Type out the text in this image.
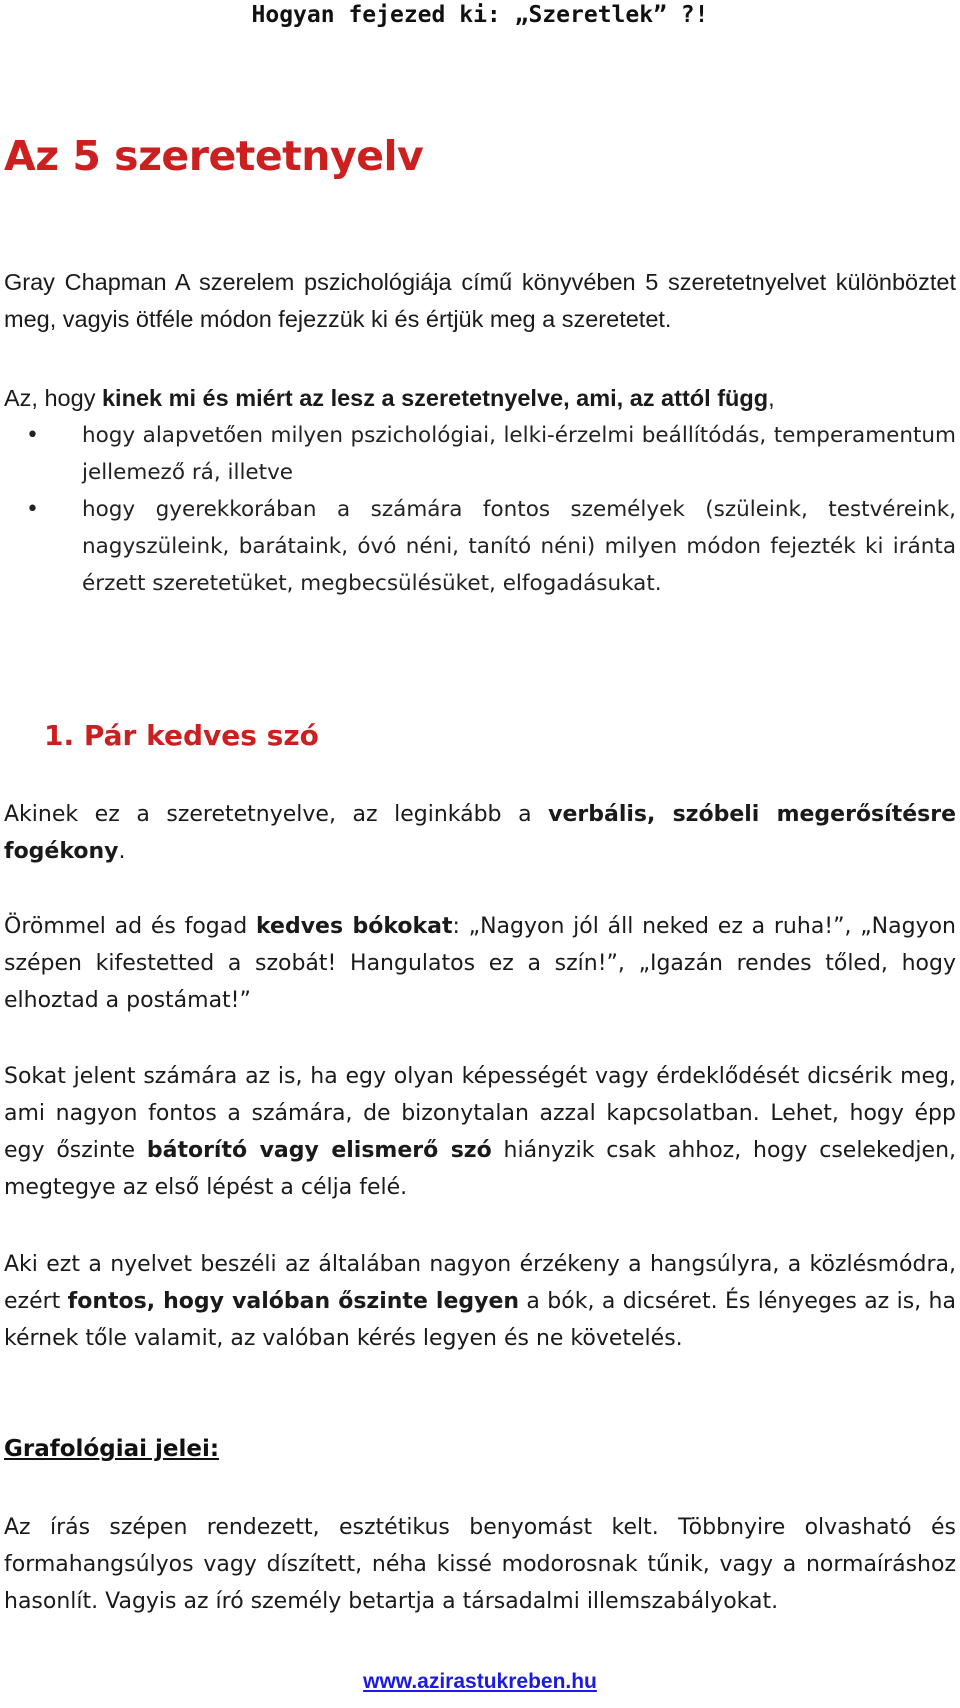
Hogyan fejezed ki: „Szeretlek” ?!
Az 5 szeretetnyelv

Gray Chapman A szerelem pszichológiája című könyvében 5 szeretetnyelvet különböztet meg, vagyis ötféle módon fejezzük ki és értjük meg a szeretetet.

Az, hogy kinek mi és miért az lesz a szeretetnyelve, ami, az attól függ,

• hogy alapvetően milyen pszichológiai, lelki-érzelmi beállítódás, temperamentum jellemező rá, illetve
• hogy gyerekkorában a számára fontos személyek (szüleink, testvéreink, nagyszüleink, barátaink, óvó néni, tanító néni) milyen módon fejezték ki iránta érzett szeretetüket, megbecsülésüket, elfogadásukat.
1. Pár kedves szó

Akinek ez a szeretetnyelve, az leginkább a verbális, szóbeli megerősítésre fogékony.

Örömmel ad és fogad kedves bókokat: „Nagyon jól áll neked ez a ruha!”, „Nagyon szépen kifestetted a szobát! Hangulatos ez a szín!”, „Igazán rendes tőled, hogy elhoztad a postámat!”

Sokat jelent számára az is, ha egy olyan képességét vagy érdeklődését dicsérik meg, ami nagyon fontos a számára, de bizonytalan azzal kapcsolatban. Lehet, hogy épp egy őszinte bátorító vagy elismerő szó hiányzik csak ahhoz, hogy cselekedjen, megtegye az első lépést a célja felé.

Aki ezt a nyelvet beszéli az általában nagyon érzékeny a hangsúlyra, a közlésmódra, ezért fontos, hogy valóban őszinte legyen a bók, a dicséret. És lényeges az is, ha kérnek tőle valamit, az valóban kérés legyen és ne követelés.

Grafológiai jelei:

Az írás szépen rendezett, esztétikus benyomást kelt. Többnyire olvasható és formahangsúlyos vagy díszített, néha kissé modorosnak tűnik, vagy a normaíráshoz hasonlít. Vagyis az író személy betartja a társadalmi illemszabályokat.

www.azirastukreben.hu
